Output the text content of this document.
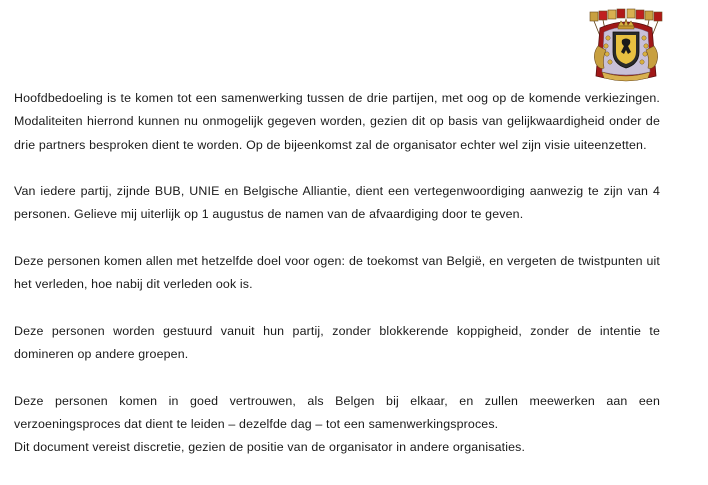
Hoofdbedoeling is te komen tot een samenwerking tussen de drie partijen, met oog op de komende verkiezingen. Modaliteiten hierrond kunnen nu onmogelijk gegeven worden, gezien dit op basis van gelijkwaardigheid onder de drie partners besproken dient te worden. Op de bijeenkomst zal de organisator echter wel zijn visie uiteenzetten.

Van iedere partij, zijnde BUB, UNIE en Belgische Alliantie, dient een vertegenwoordiging aanwezig te zijn van 4 personen. Gelieve mij uiterlijk op 1 augustus de namen van de afvaardiging door te geven.

Deze personen komen allen met hetzelfde doel voor ogen: de toekomst van België, en vergeten de twistpunten uit het verleden, hoe nabij dit verleden ook is.

Deze personen worden gestuurd vanuit hun partij, zonder blokkerende koppigheid, zonder de intentie te domineren op andere groepen.

Deze personen komen in goed vertrouwen, als Belgen bij elkaar, en zullen meewerken aan een verzoeningsproces dat dient te leiden – dezelfde dag – tot een samenwerkingsproces.

Dit document vereist discretie, gezien de positie van de organisator in andere organisaties.
